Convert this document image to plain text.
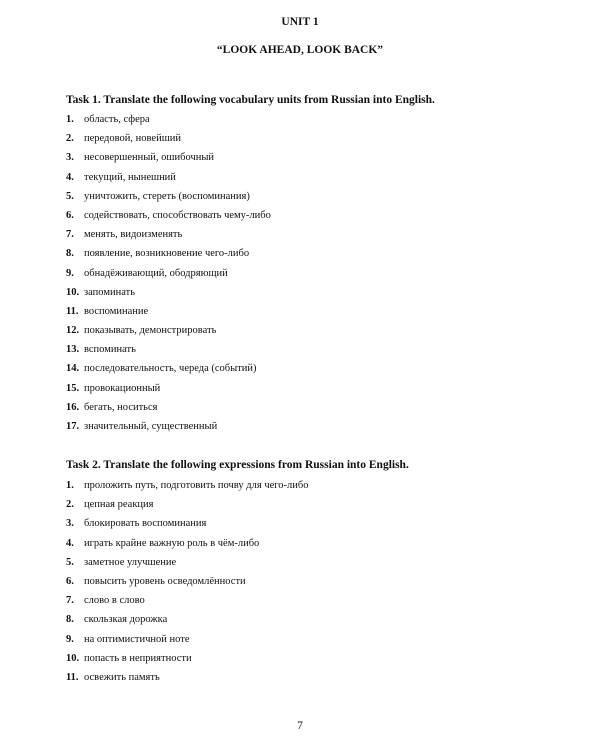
UNIT 1
“LOOK AHEAD, LOOK BACK”
Task 1. Translate the following vocabulary units from Russian into English.
1. область, сфера
2. передовой, новейший
3. несовершенный, ошибочный
4. текущий, нынешний
5. уничтожить, стереть (воспоминания)
6. содействовать, способствовать чему-либо
7. менять, видоизменять
8. появление, возникновение чего-либо
9. обнадёживающий, ободряющий
10. запоминать
11. воспоминание
12. показывать, демонстрировать
13. вспоминать
14. последовательность, череда (событий)
15. провокационный
16. бегать, носиться
17. значительный, существенный
Task 2. Translate the following expressions from Russian into English.
1. проложить путь, подготовить почву для чего-либо
2. цепная реакция
3. блокировать воспоминания
4. играть крайне важную роль в чём-либо
5. заметное улучшение
6. повысить уровень осведомлённости
7. слово в слово
8. скользкая дорожка
9. на оптимистичной ноте
10. попасть в неприятности
11. освежить память
7
